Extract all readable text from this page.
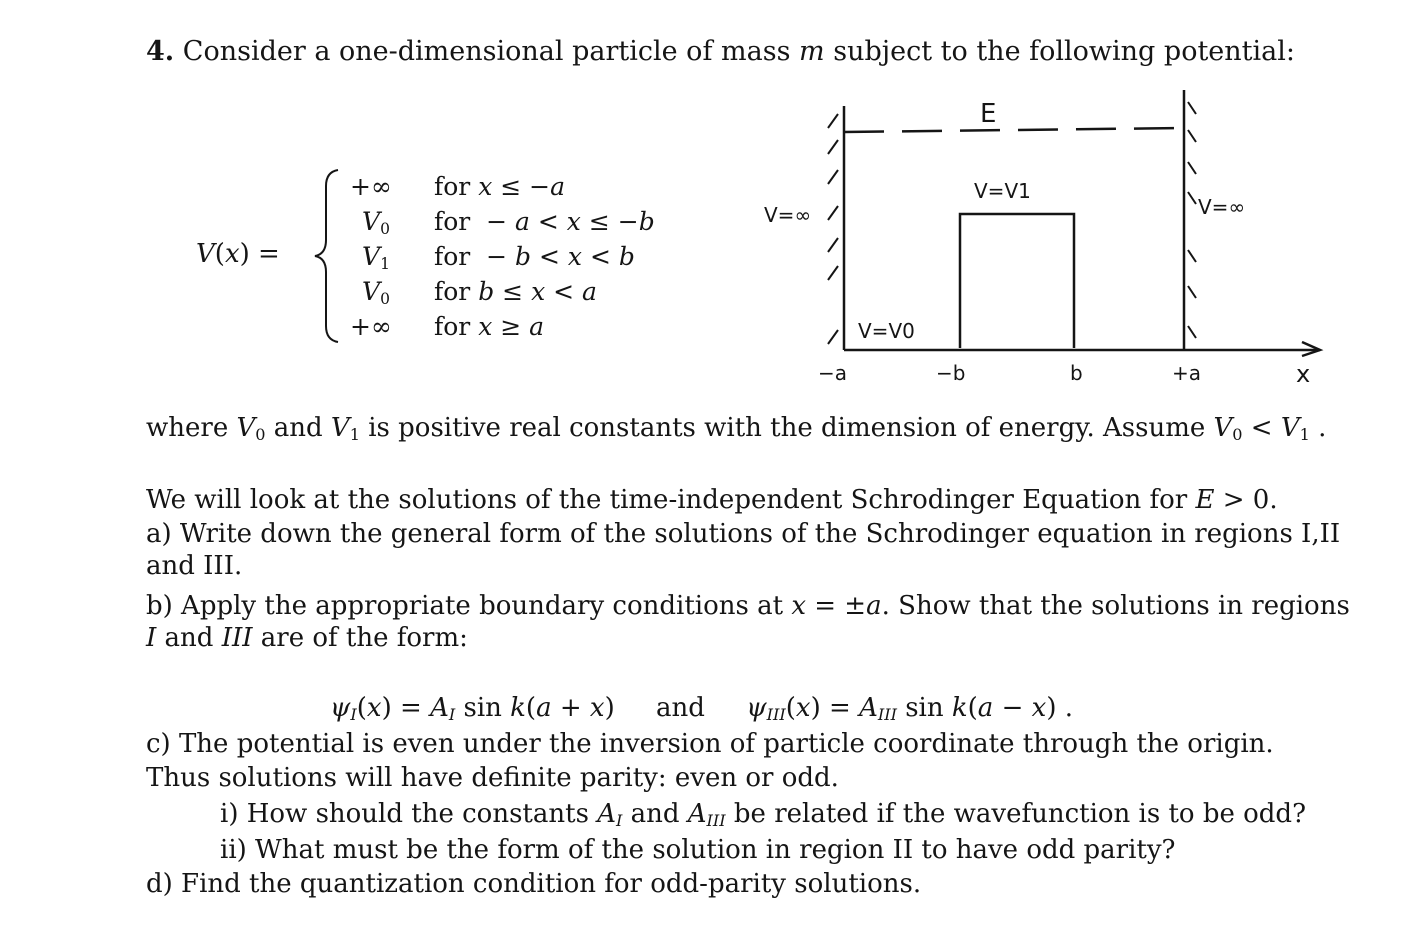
4. Consider a one-dimensional particle of mass m subject to the following potential:
V(x) =
+∞ for x ≤ −a
$V_0$ for  − a < x ≤ −b
$V_1$ for  − b < x < b
$V_0$ for b ≤ x < a
+∞ for x ≥ a
E
V=V1
V=∞	V=∞
V=V0
x
−a	−b	b	+a
where $V_0$ and $V_1$ is positive real constants with the dimension of energy. Assume $V_0 < V_1$ .
We will look at the solutions of the time-independent Schrodinger Equation for E > 0.
a) Write down the general form of the solutions of the Schrodinger equation in regions I,II
and III.
b) Apply the appropriate boundary conditions at x = ±a. Show that the solutions in regions
I and III are of the form:
$\psi_I(x) = A_I$ sin k(a + x)     and     $\psi_{III}(x) = A_{III}$ sin k(a − x) .
c) The potential is even under the inversion of particle coordinate through the origin.
Thus solutions will have definite parity: even or odd.
i) How should the constants $A_I$ and $A_{III}$ be related if the wavefunction is to be odd?
ii) What must be the form of the solution in region II to have odd parity?
d) Find the quantization condition for odd-parity solutions.
